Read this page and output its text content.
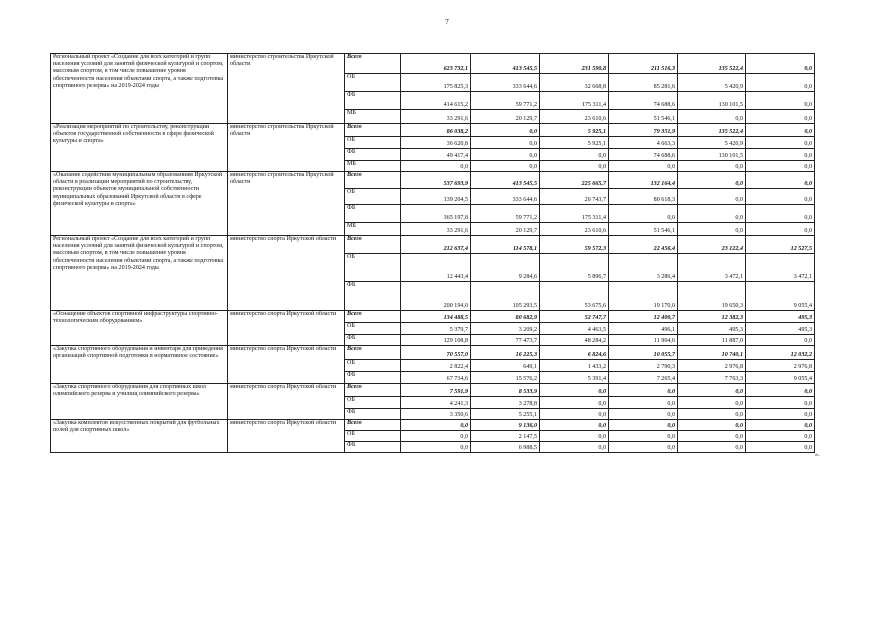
7
Региональный проект «Создание для всех категорий и групп населения условий для занятий физической культурой и спортом, массовым спортом, в том числе повышение уровня обеспеченности населения объектами спорта, а также подготовка спортивного резерва» на 2019-2024 годы	министерство строительства Иркутской области	Всего	623 732,1	413 545,5	231 590,8	211 516,3	135 522,4	0,0
		ОБ	175 825,3	333 644,6	32 668,8	85 281,6	5 420,9	0,0
		ФБ	414 615,2	59 771,2	175 311,4	74 688,6	130 101,5	0,0
		МБ	33 291,6	20 129,7	23 610,6	51 546,1	0,0	0,0
«Реализация мероприятий по строительству, реконструкции объектов государственной собственности в сфере физической культуры и спорта»	министерство строительства Иркутской области	Всего	86 038,2	0,0	5 925,1	79 351,9	135 522,4	0,0
		ОБ	36 620,8	0,0	5 925,1	4 663,3	5 420,9	0,0
		ФБ	49 417,4	0,0	0,0	74 688,6	130 101,5	0,0
		МБ	0,0	0,0	0,0	0,0	0,0	0,0
«Оказание содействия муниципальным образованиям Иркутской области в реализации мероприятий по строительству, реконструкции объектов муниципальной собственности муниципальных образований Иркутской области в сфере физической культуры и спорта»	министерство строительства Иркутской области	Всего	537 693,9	413 545,5	225 665,7	132 164,4	0,0	0,0
		ОБ	139 204,5	333 644,6	26 743,7	80 618,3	0,0	0,0
		ФБ	365 197,8	59 771,2	175 311,4	0,0	0,0	0,0
		МБ	33 291,6	20 129,7	23 610,6	51 546,1	0,0	0,0
Региональный проект «Создание для всех категорий и групп населения условий для занятий физической культурой и спортом, массовым спортом, в том числе повышение уровня обеспеченности населения объектами спорта, а также подготовка спортивного резерва» на 2019-2024 годы	министерство спорта Иркутской области	Всего	212 637,4	114 578,1	59 572,3	22 456,4	23 122,4	12 527,5
		ОБ	12 443,4	9 284,6	5 896,7	3 286,4	3 472,1	3 472,1
		ФБ	200 194,0	105 293,5	53 675,6	19 170,0	19 650,3	9 055,4
«Оснащение объектов спортивной инфраструктуры спортивно-технологическим оборудованием»	министерство спорта Иркутской области	Всего	134 488,5	80 682,9	52 747,7	12 400,7	12 382,3	495,3
		ОБ	5 379,7	3 209,2	4 463,5	496,1	495,3	495,3
		ФБ	129 108,8	77 473,7	48 284,2	11 904,6	11 887,0	0,0
«Закупка спортивного оборудования и инвентаря для приведения организаций спортивной подготовки в нормативное состояние»	министерство спорта Иркутской области	Всего	70 557,0	16 225,3	6 824,6	10 055,7	10 740,1	12 032,2
		ОБ	2 822,4	649,1	1 433,2	2 790,3	2 976,8	2 976,8
		ФБ	67 734,6	15 576,2	5 391,4	7 265,4	7 763,3	9 055,4
«Закупка спортивного оборудования для спортивных школ олимпийского резерва и училищ олимпийского резерва»	министерство спорта Иркутской области	Всего	7 591,9	8 533,9	0,0	0,0	0,0	0,0
		ОБ	4 241,3	3 278,8	0,0	0,0	0,0	0,0
		ФБ	3 350,6	5 255,1	0,0	0,0	0,0	0,0
«Закупка комплектов искусственных покрытий для футбольных полей для спортивных школ»	министерство спорта Иркутской области	Всего	0,0	9 136,0	0,0	0,0	0,0	0,0
		ОБ	0,0	2 147,5	0,0	0,0	0,0	0,0
		ФБ	0,0	6 988,5	0,0	0,0	0,0	0,0
».
